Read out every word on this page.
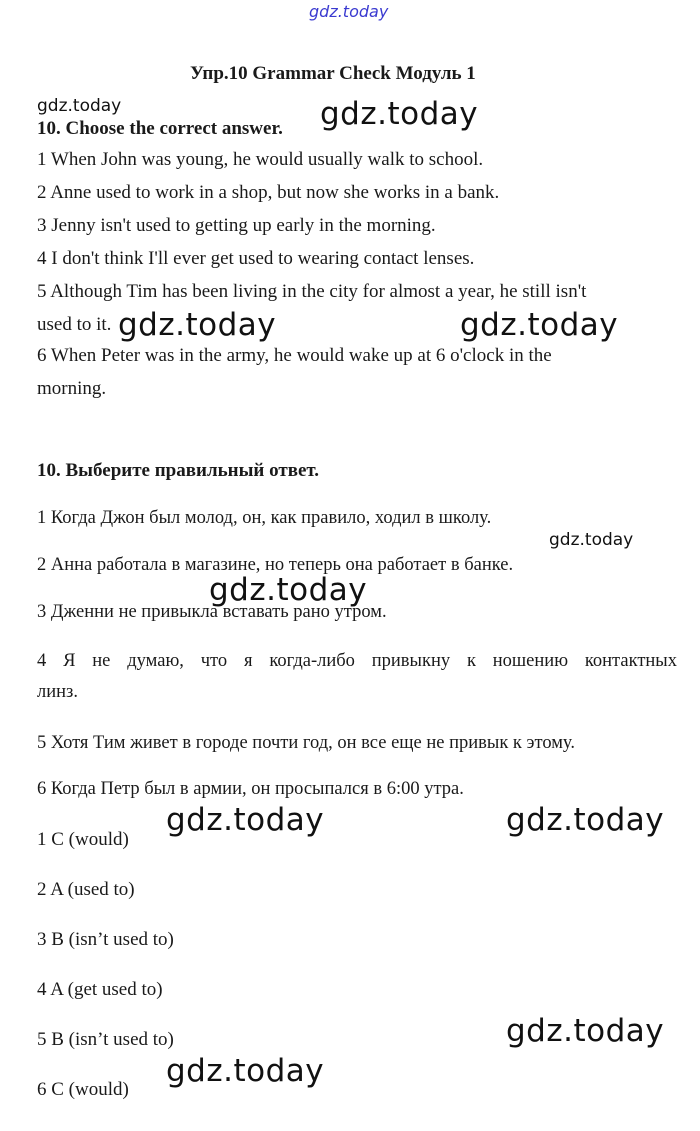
gdz.today
Упр.10 Grammar Check Модуль 1
gdz.today
10. Choose the correct answer. gdz.today
1 When John was young, he would usually walk to school.
2 Anne used to work in a shop, but now she works in a bank.
3 Jenny isn't used to getting up early in the morning.
4 I don't think I'll ever get used to wearing contact lenses.
5 Although Tim has been living in the city for almost a year, he still isn't
used to it.
6 When Peter was in the army, he would wake up at 6 o'clock in the
morning.
gdz.today	gdz.today
10. Выберите правильный ответ.
1 Когда Джон был молод, он, как правило, ходил в школу.
gdz.today
2 Анна работала в магазине, но теперь она работает в банке.
gdz.today
3 Дженни не привыкла вставать рано утром.
4 Я не думаю, что я когда-либо привыкну к ношению контактных
линз.
5 Хотя Тим живет в городе почти год, он все еще не привык к этому.
6 Когда Петр был в армии, он просыпался в 6:00 утра.
gdz.today	gdz.today
1 C (would)
2 A (used to)
3 B (isn’t used to)
4 A (get used to)
gdz.today
5 B (isn’t used to)
gdz.today
6 C (would)
